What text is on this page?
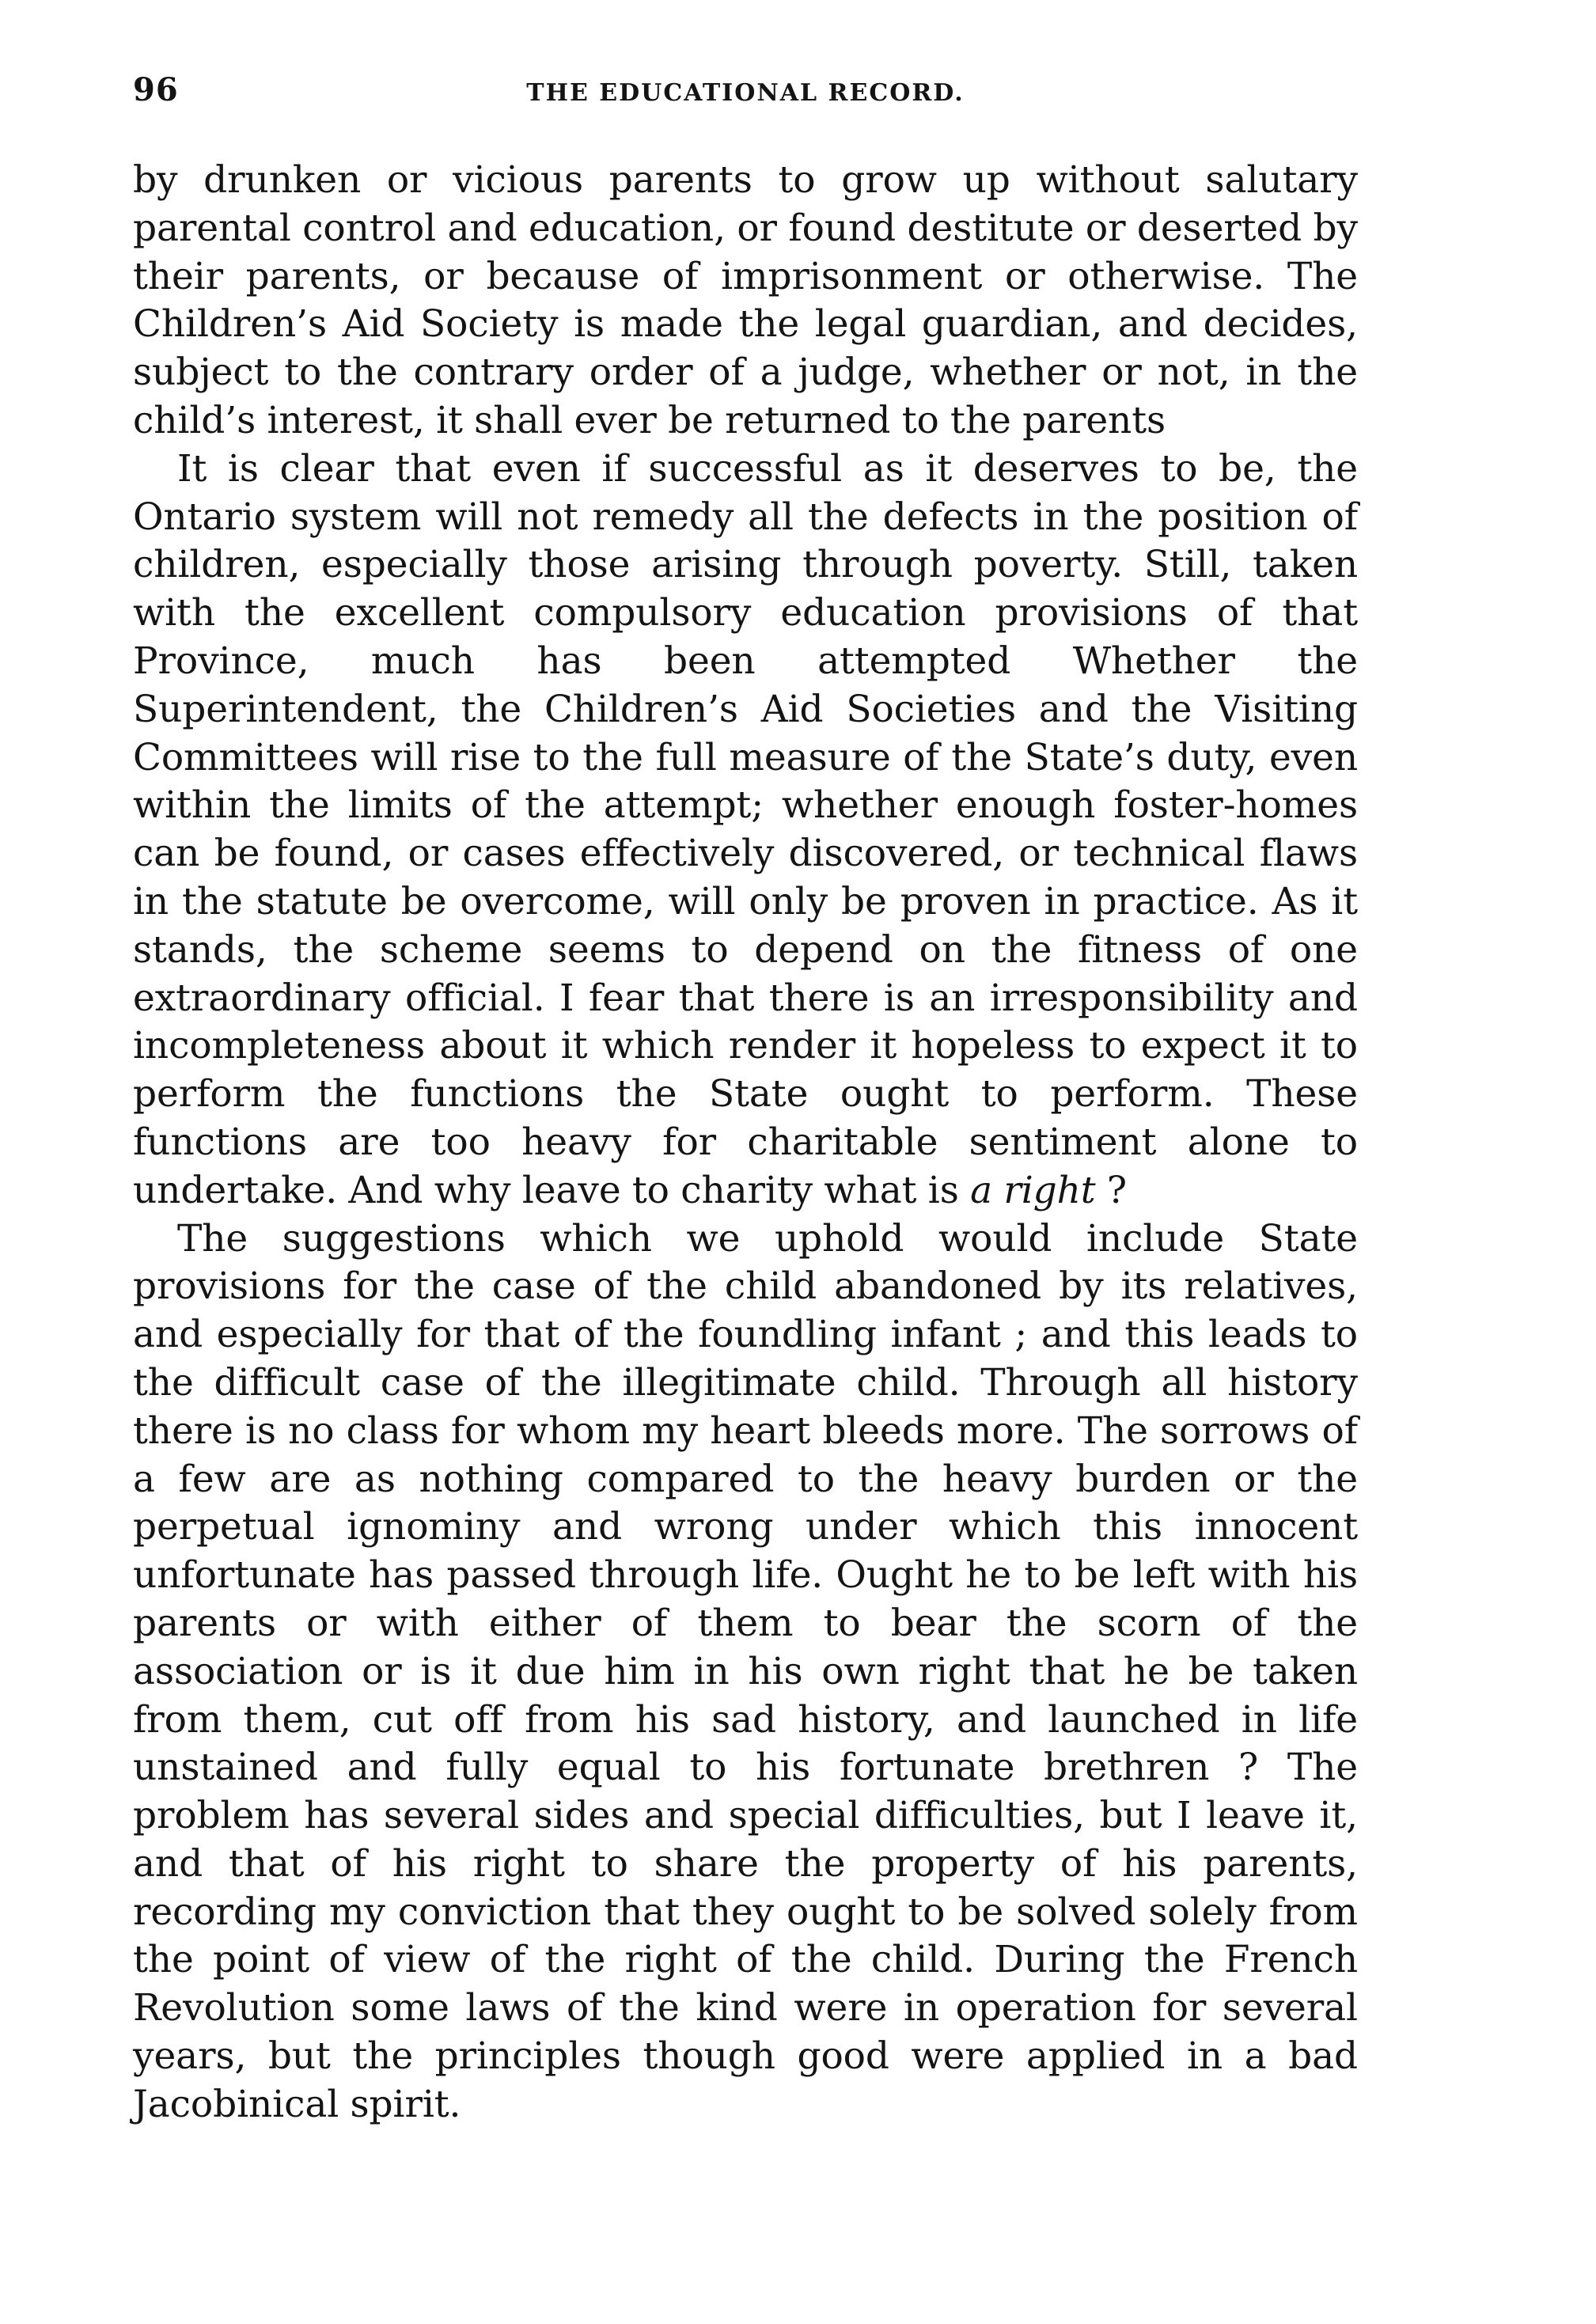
96	THE EDUCATIONAL RECORD.

by drunken or vicious parents to grow up without salutary parental control and education, or found destitute or deserted by their parents, or because of imprisonment or otherwise. The Children’s Aid Society is made the legal guardian, and decides, subject to the contrary order of a judge, whether or not, in the child’s interest, it shall ever be returned to the parents

It is clear that even if successful as it deserves to be, the Ontario system will not remedy all the defects in the position of children, especially those arising through poverty. Still, taken with the excellent compulsory education provisions of that Province, much has been attempted Whether the Superintendent, the Children’s Aid Societies and the Visiting Committees will rise to the full measure of the State’s duty, even within the limits of the attempt; whether enough foster-homes can be found, or cases effectively discovered, or technical flaws in the statute be overcome, will only be proven in practice. As it stands, the scheme seems to depend on the fitness of one extraordinary official. I fear that there is an irresponsibility and incompleteness about it which render it hopeless to expect it to perform the functions the State ought to perform. These functions are too heavy for charitable sentiment alone to undertake. And why leave to charity what is a right ?

The suggestions which we uphold would include State provisions for the case of the child abandoned by its relatives, and especially for that of the foundling infant ; and this leads to the difficult case of the illegitimate child. Through all history there is no class for whom my heart bleeds more. The sorrows of a few are as nothing compared to the heavy burden or the perpetual ignominy and wrong under which this innocent unfortunate has passed through life. Ought he to be left with his parents or with either of them to bear the scorn of the association or is it due him in his own right that he be taken from them, cut off from his sad history, and launched in life unstained and fully equal to his fortunate brethren ? The problem has several sides and special difficulties, but I leave it, and that of his right to share the property of his parents, recording my conviction that they ought to be solved solely from the point of view of the right of the child. During the French Revolution some laws of the kind were in operation for several years, but the principles though good were applied in a bad Jacobinical spirit.
